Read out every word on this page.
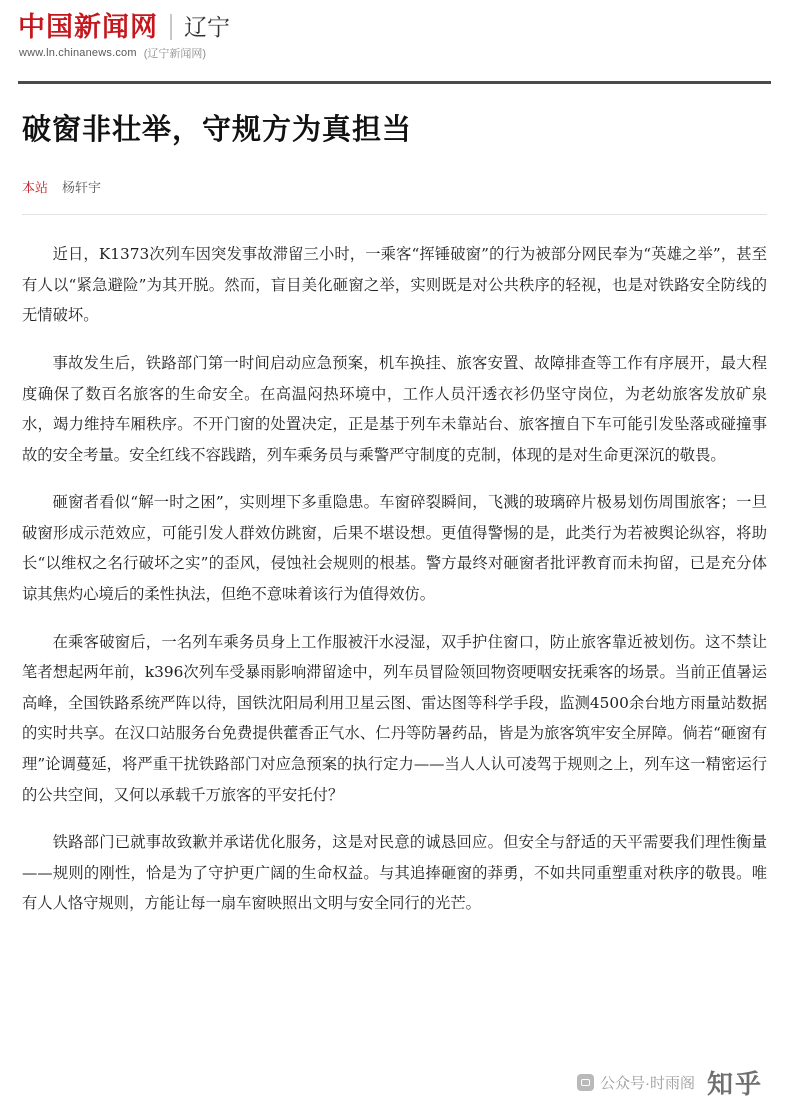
中国新闻网 辽宁
www.ln.chinanews.com (辽宁新闻网)
破窗非壮举，守规方为真担当
本站 杨轩宇

近日，K1373次列车因突发事故滞留三小时，一乘客“挥锤破窗”的行为被部分网民奉为“英雄之举”，甚至有人以“紧急避险”为其开脱。然而，盲目美化砸窗之举，实则既是对公共秩序的轻视，也是对铁路安全防线的无情破坏。

事故发生后，铁路部门第一时间启动应急预案，机车换挂、旅客安置、故障排查等工作有序展开，最大程度确保了数百名旅客的生命安全。在高温闷热环境中，工作人员汗透衣衫仍坚守岗位，为老幼旅客发放矿泉水，竭力维持车厢秩序。不开门窗的处置决定，正是基于列车未靠站台、旅客擅自下车可能引发坠落或碰撞事故的安全考量。安全红线不容践踏，列车乘务员与乘警严守制度的克制，体现的是对生命更深沉的敬畏。

砸窗者看似“解一时之困”，实则埋下多重隐患。车窗碎裂瞬间，飞溅的玻璃碎片极易划伤周围旅客；一旦破窗形成示范效应，可能引发人群效仿跳窗，后果不堪设想。更值得警惕的是，此类行为若被舆论纵容，将助长“以维权之名行破坏之实”的歪风，侵蚀社会规则的根基。警方最终对砸窗者批评教育而未拘留，已是充分体谅其焦灼心境后的柔性执法，但绝不意味着该行为值得效仿。

在乘客破窗后，一名列车乘务员身上工作服被汗水浸湿，双手护住窗口，防止旅客靠近被划伤。这不禁让笔者想起两年前，k396次列车受暴雨影响滞留途中，列车员冒险领回物资哽咽安抚乘客的场景。当前正值暑运高峰，全国铁路系统严阵以待，国铁沈阳局利用卫星云图、雷达图等科学手段，监测4500余台地方雨量站数据的实时共享。在汉口站服务台免费提供藿香正气水、仁丹等防暑药品，皆是为旅客筑牢安全屏障。倘若“砸窗有理”论调蔓延，将严重干扰铁路部门对应急预案的执行定力——当人人认可凌驾于规则之上，列车这一精密运行的公共空间，又何以承载千万旅客的平安托付？

铁路部门已就事故致歉并承诺优化服务，这是对民意的诚恳回应。但安全与舒适的天平需要我们理性衡量——规则的刚性，恰是为了守护更广阔的生命权益。与其追捧砸窗的莽勇，不如共同重塑重对秩序的敬畏。唯有人人恪守规则，方能让每一扇车窗映照出文明与安全同行的光芒。

公众号·时雨阁 知乎
